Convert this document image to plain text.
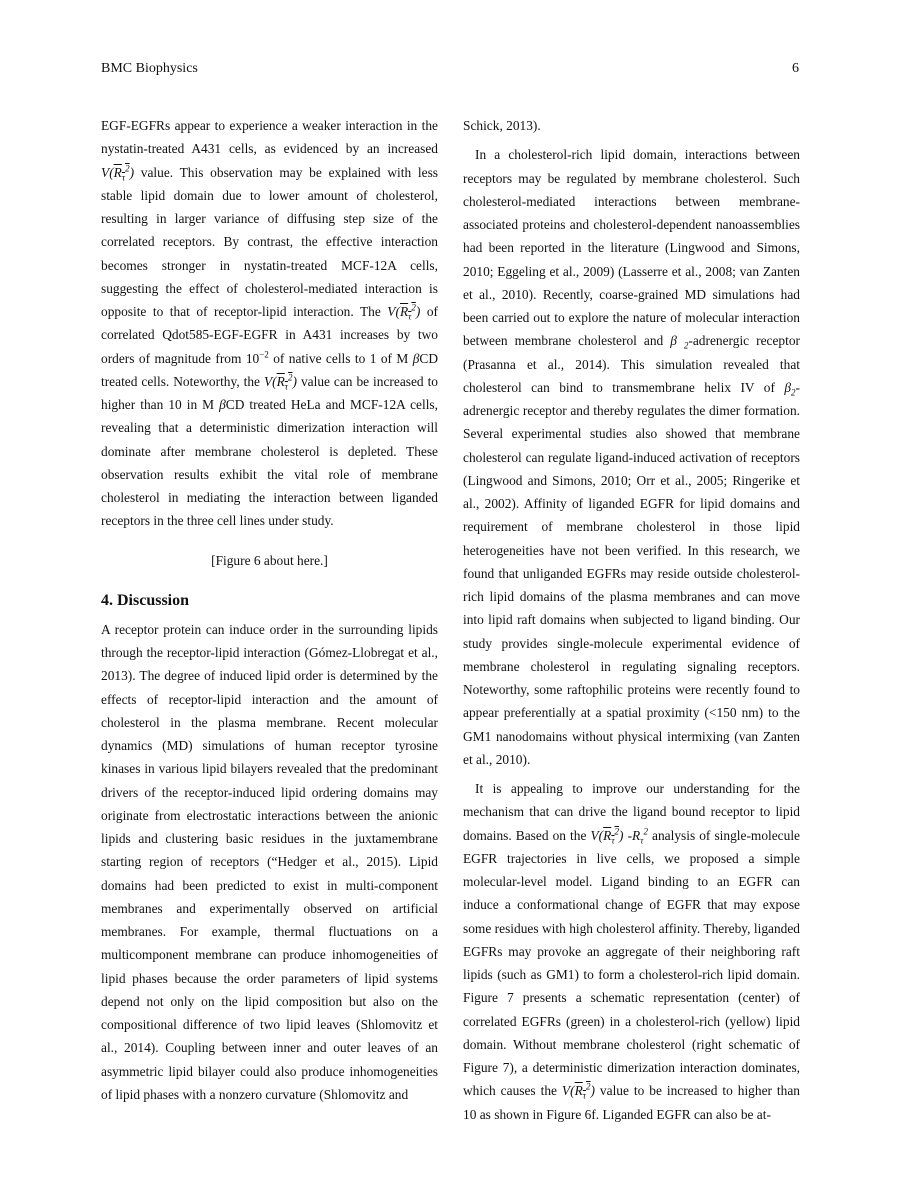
BMC Biophysics	6

EGF-EGFRs appear to experience a weaker interaction in the nystatin-treated A431 cells, as evidenced by an increased $V(R_\tau^2)$ value. This observation may be explained with less stable lipid domain due to lower amount of cholesterol, resulting in larger variance of diffusing step size of the correlated receptors. By contrast, the effective interaction becomes stronger in nystatin-treated MCF-12A cells, suggesting the effect of cholesterol-mediated interaction is opposite to that of receptor-lipid interaction. The $V(R_\tau^2)$ of correlated Qdot585-EGF-EGFR in A431 increases by two orders of magnitude from $10^{-2}$ of native cells to 1 of M βCD treated cells. Noteworthy, the $V(R_\tau^2)$ value can be increased to higher than 10 in M βCD treated HeLa and MCF-12A cells, revealing that a deterministic dimerization interaction will dominate after membrane cholesterol is depleted. These observation results exhibit the vital role of membrane cholesterol in mediating the interaction between liganded receptors in the three cell lines under study.

[Figure 6 about here.]

4. Discussion

A receptor protein can induce order in the surrounding lipids through the receptor-lipid interaction (Gómez-Llobregat et al., 2013). The degree of induced lipid order is determined by the effects of receptor-lipid interaction and the amount of cholesterol in the plasma membrane. Recent molecular dynamics (MD) simulations of human receptor tyrosine kinases in various lipid bilayers revealed that the predominant drivers of the receptor-induced lipid ordering domains may originate from electrostatic interactions between the anionic lipids and clustering basic residues in the juxtamembrane starting region of receptors (“Hedger et al., 2015). Lipid domains had been predicted to exist in multi-component membranes and experimentally observed on artificial membranes. For example, thermal fluctuations on a multicomponent membrane can produce inhomogeneities of lipid phases because the order parameters of lipid systems depend not only on the lipid composition but also on the compositional difference of two lipid leaves (Shlomovitz et al., 2014). Coupling between inner and outer leaves of an asymmetric lipid bilayer could also produce inhomogeneities of lipid phases with a nonzero curvature (Shlomovitz and

Schick, 2013).

In a cholesterol-rich lipid domain, interactions between receptors may be regulated by membrane cholesterol. Such cholesterol-mediated interactions between membrane-associated proteins and cholesterol-dependent nanoassemblies had been reported in the literature (Lingwood and Simons, 2010; Eggeling et al., 2009) (Lasserre et al., 2008; van Zanten et al., 2010). Recently, coarse-grained MD simulations had been carried out to explore the nature of molecular interaction between membrane cholesterol and β $_2$-adrenergic receptor (Prasanna et al., 2014). This simulation revealed that cholesterol can bind to transmembrane helix IV of $\beta_2$-adrenergic receptor and thereby regulates the dimer formation. Several experimental studies also showed that membrane cholesterol can regulate ligand-induced activation of receptors (Lingwood and Simons, 2010; Orr et al., 2005; Ringerike et al., 2002). Affinity of liganded EGFR for lipid domains and requirement of membrane cholesterol in those lipid heterogeneities have not been verified. In this research, we found that unliganded EGFRs may reside outside cholesterol-rich lipid domains of the plasma membranes and can move into lipid raft domains when subjected to ligand binding. Our study provides single-molecule experimental evidence of membrane cholesterol in regulating signaling receptors. Noteworthy, some raftophilic proteins were recently found to appear preferentially at a spatial proximity (<150 nm) to the GM1 nanodomains without physical intermixing (van Zanten et al., 2010).

It is appealing to improve our understanding for the mechanism that can drive the ligand bound receptor to lipid domains. Based on the $V(R_\tau^2)$ $-R_\tau^2$ analysis of single-molecule EGFR trajectories in live cells, we proposed a simple molecular-level model. Ligand binding to an EGFR can induce a conformational change of EGFR that may expose some residues with high cholesterol affinity. Thereby, liganded EGFRs may provoke an aggregate of their neighboring raft lipids (such as GM1) to form a cholesterol-rich lipid domain. Figure 7 presents a schematic representation (center) of correlated EGFRs (green) in a cholesterol-rich (yellow) lipid domain. Without membrane cholesterol (right schematic of Figure 7), a deterministic dimerization interaction dominates, which causes the $V(R_\tau^2)$ value to be increased to higher than 10 as shown in Figure 6f. Liganded EGFR can also be at-
